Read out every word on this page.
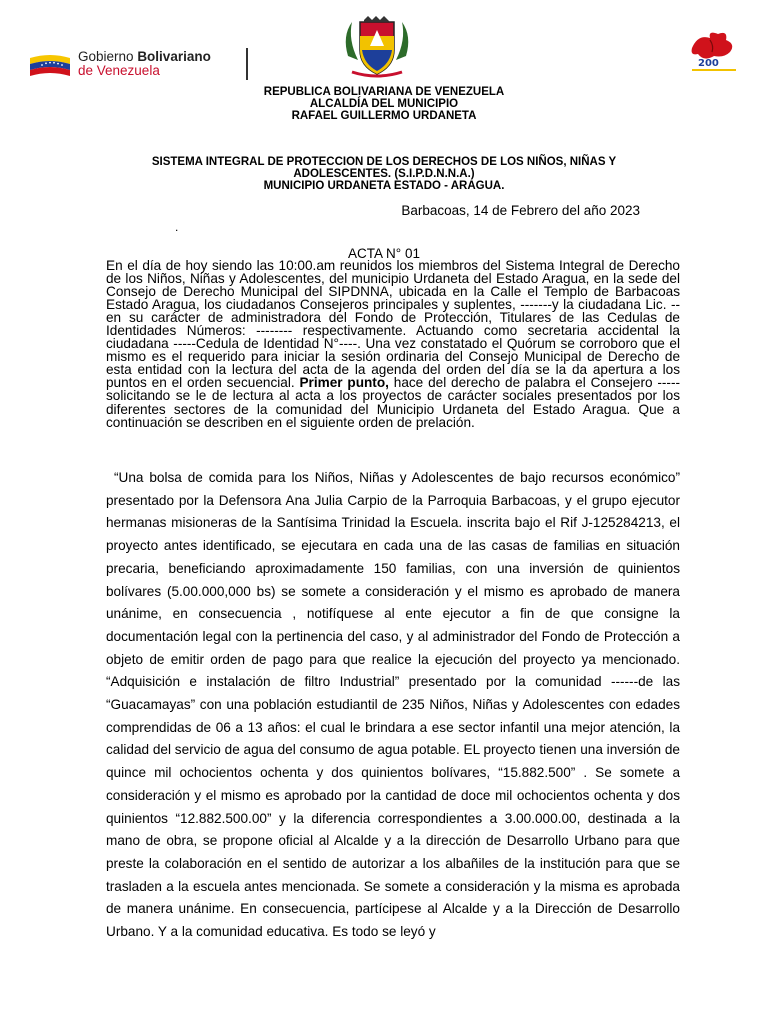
Gobierno Bolivariano
de Venezuela	200
REPUBLICA BOLIVARIANA DE VENEZUELA
ALCALDÍA DEL MUNICIPIO
RAFAEL GUILLERMO URDANETA
SISTEMA INTEGRAL DE PROTECCION DE LOS DERECHOS DE LOS NIÑOS, NIÑAS Y
ADOLESCENTES. (S.I.P.D.N.N.A.)
MUNICIPIO URDANETA ESTADO - ARAGUA.
Barbacoas, 14 de Febrero del año 2023
.
ACTA N° 01

En el día de hoy siendo las 10:00.am reunidos los miembros del Sistema Integral de Derecho de los Niños, Niñas y Adolescentes, del municipio Urdaneta del Estado Aragua, en la sede del Consejo de Derecho Municipal del SIPDNNA, ubicada en la Calle el Templo de Barbacoas Estado Aragua, los ciudadanos Consejeros principales y suplentes, -------y la ciudadana Lic. --en su carácter de administradora del Fondo de Protección, Titulares de las Cedulas de Identidades Números: -------- respectivamente. Actuando como secretaria accidental la ciudadana -----Cedula de Identidad N°----. Una vez constatado el Quórum se corroboro que el mismo es el requerido para iniciar la sesión ordinaria del Consejo Municipal de Derecho de esta entidad con la lectura del acta de la agenda del orden del día se la da apertura a los puntos en el orden secuencial. Primer punto, hace del derecho de palabra el Consejero -----solicitando se le de lectura al acta a los proyectos de carácter sociales presentados por los diferentes sectores de la comunidad del Municipio Urdaneta del Estado Aragua. Que a continuación se describen en el siguiente orden de prelación.

“Una bolsa de comida para los Niños, Niñas y Adolescentes de bajo recursos económico” presentado por la Defensora Ana Julia Carpio de la Parroquia Barbacoas, y el grupo ejecutor hermanas misioneras de la Santísima Trinidad la Escuela. inscrita bajo el Rif J-125284213, el proyecto antes identificado, se ejecutara en cada una de las casas de familias en situación precaria, beneficiando aproximadamente 150 familias, con una inversión de quinientos bolívares (5.00.000,000 bs) se somete a consideración y el mismo es aprobado de manera unánime, en consecuencia , notifíquese al ente ejecutor a fin de que consigne la documentación legal con la pertinencia del caso, y al administrador del Fondo de Protección a objeto de emitir orden de pago para que realice la ejecución del proyecto ya mencionado. “Adquisición e instalación de filtro Industrial” presentado por la comunidad ------de las “Guacamayas” con una población estudiantil de 235 Niños, Niñas y Adolescentes con edades comprendidas de 06 a 13 años: el cual le brindara a ese sector infantil una mejor atención, la calidad del servicio de agua del consumo de agua potable. EL proyecto tienen una inversión de quince mil ochocientos ochenta y dos quinientos bolívares, “15.882.500” . Se somete a consideración y el mismo es aprobado por la cantidad de doce mil ochocientos ochenta y dos quinientos “12.882.500.00” y la diferencia correspondientes a 3.00.000.00, destinada a la mano de obra, se propone oficial al Alcalde y a la dirección de Desarrollo Urbano para que preste la colaboración en el sentido de autorizar a los albañiles de la institución para que se trasladen a la escuela antes mencionada. Se somete a consideración y la misma es aprobada de manera unánime. En consecuencia, partícipese al Alcalde y a la Dirección de Desarrollo Urbano. Y a la comunidad educativa. Es todo se leyó y
